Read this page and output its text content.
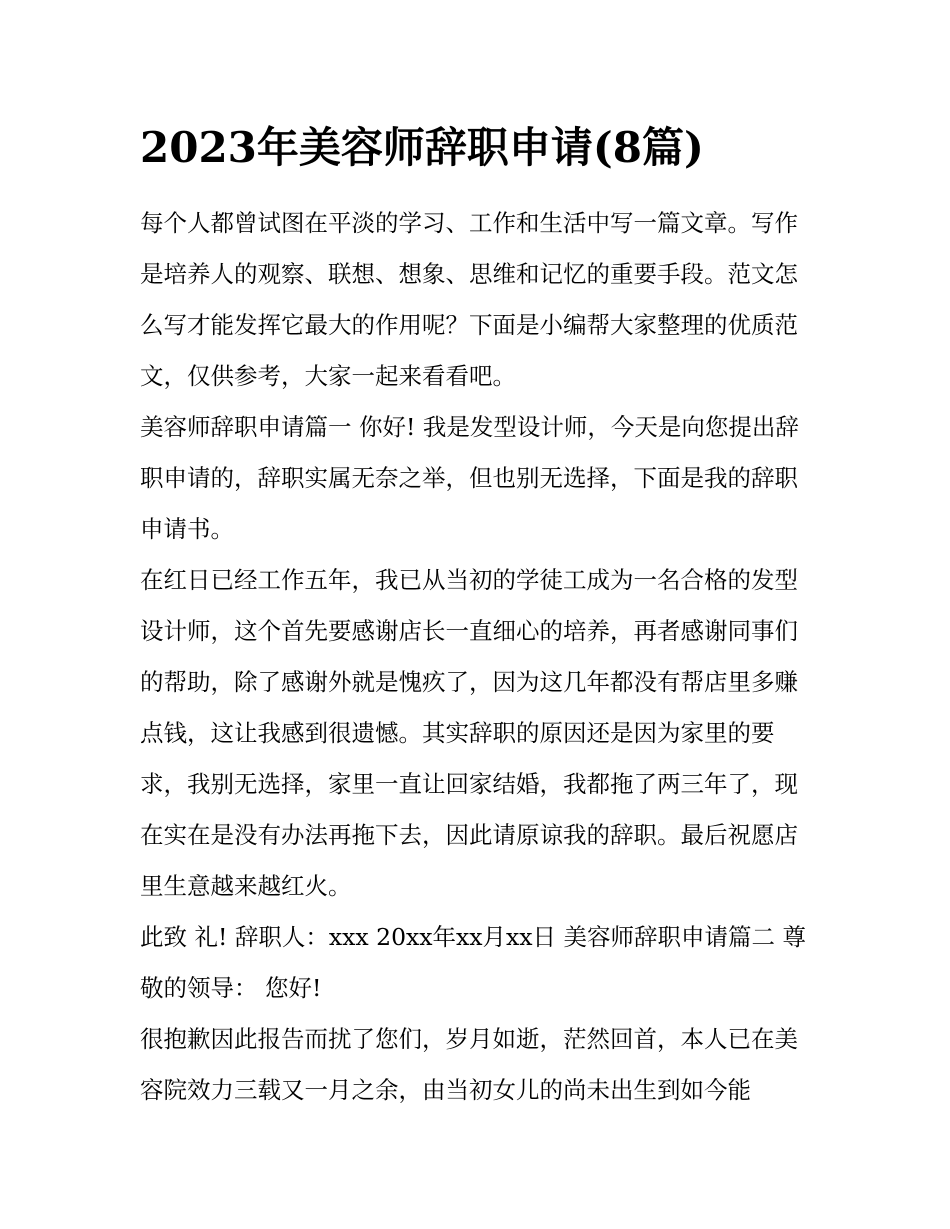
2023年美容师辞职申请(8篇)

每个人都曾试图在平淡的学习、工作和生活中写一篇文章。写作是培养人的观察、联想、想象、思维和记忆的重要手段。范文怎么写才能发挥它最大的作用呢？下面是小编帮大家整理的优质范文，仅供参考，大家一起来看看吧。

美容师辞职申请篇一 你好! 我是发型设计师，今天是向您提出辞职申请的，辞职实属无奈之举，但也别无选择，下面是我的辞职申请书。

在红日已经工作五年，我已从当初的学徒工成为一名合格的发型设计师，这个首先要感谢店长一直细心的培养，再者感谢同事们的帮助，除了感谢外就是愧疚了，因为这几年都没有帮店里多赚点钱，这让我感到很遗憾。其实辞职的原因还是因为家里的要求，我别无选择，家里一直让回家结婚，我都拖了两三年了，现在实在是没有办法再拖下去，因此请原谅我的辞职。最后祝愿店里生意越来越红火。

此致 礼! 辞职人：xxx 20xx年xx月xx日 美容师辞职申请篇二 尊敬的领导： 您好!

很抱歉因此报告而扰了您们，岁月如逝，茫然回首，本人已在美容院效力三载又一月之余，由当初女儿的尚未出生到如今能
